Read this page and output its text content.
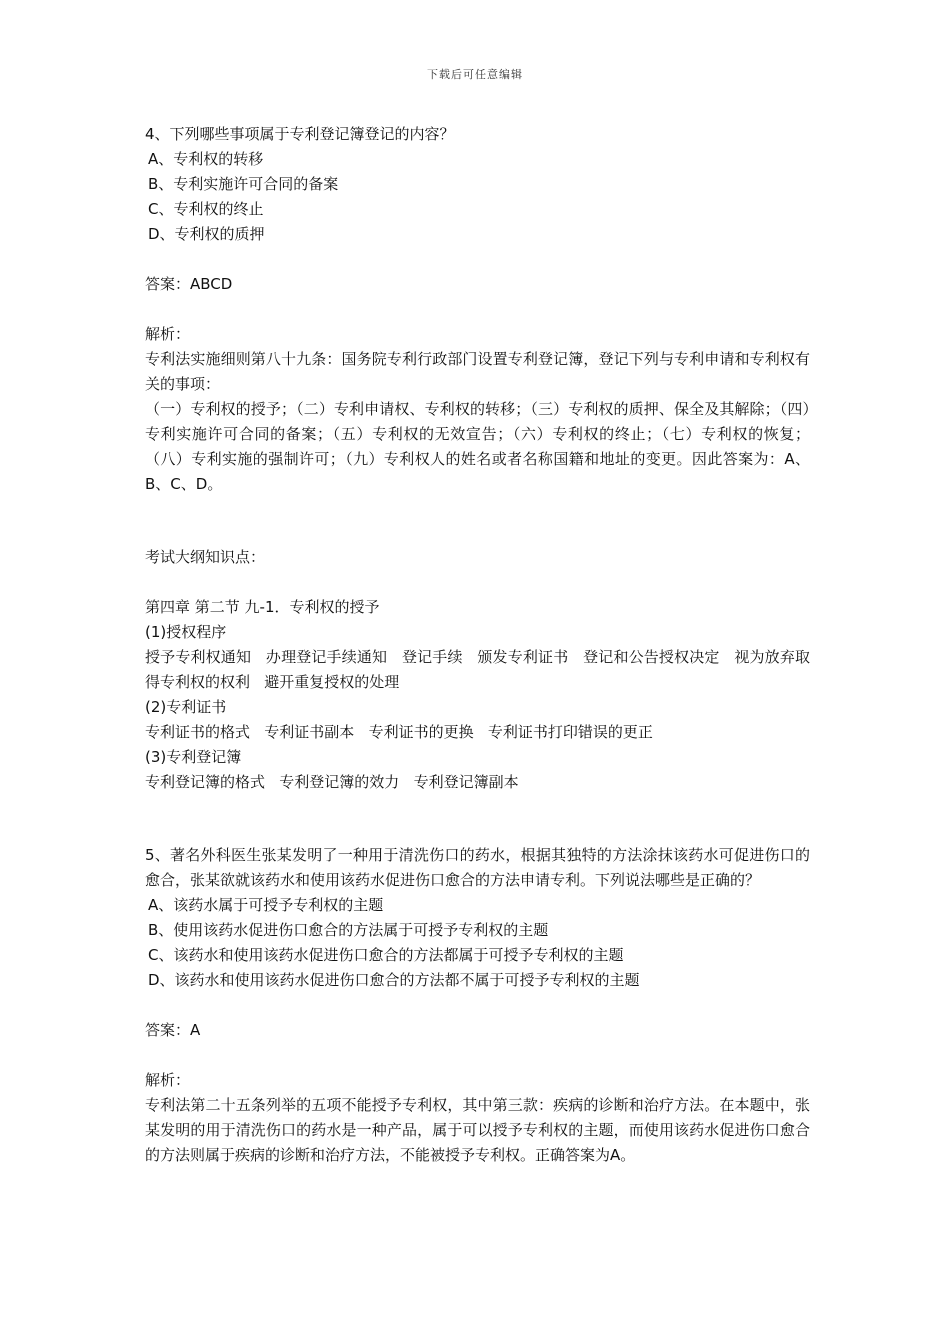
下载后可任意编辑
4、下列哪些事项属于专利登记簿登记的内容？
A、专利权的转移
B、专利实施许可合同的备案
C、专利权的终止
D、专利权的质押
答案：ABCD
解析：
专利法实施细则第八十九条：国务院专利行政部门设置专利登记簿，登记下列与专利申请和专利权有关的事项：
（一）专利权的授予；（二）专利申请权、专利权的转移；（三）专利权的质押、保全及其解除；（四）专利实施许可合同的备案；（五）专利权的无效宣告；（六）专利权的终止；（七）专利权的恢复；（八）专利实施的强制许可；（九）专利权人的姓名或者名称国籍和地址的变更。因此答案为：A、B、C、D。
考试大纲知识点：
第四章 第二节 九-1．专利权的授予
(1)授权程序
授予专利权通知   办理登记手续通知   登记手续   颁发专利证书   登记和公告授权决定   视为放弃取得专利权的权利   避开重复授权的处理
(2)专利证书
专利证书的格式   专利证书副本   专利证书的更换   专利证书打印错误的更正
(3)专利登记簿
专利登记簿的格式   专利登记簿的效力   专利登记簿副本
5、著名外科医生张某发明了一种用于清洗伤口的药水，根据其独特的方法涂抹该药水可促进伤口的愈合，张某欲就该药水和使用该药水促进伤口愈合的方法申请专利。下列说法哪些是正确的？
A、该药水属于可授予专利权的主题
B、使用该药水促进伤口愈合的方法属于可授予专利权的主题
C、该药水和使用该药水促进伤口愈合的方法都属于可授予专利权的主题
D、该药水和使用该药水促进伤口愈合的方法都不属于可授予专利权的主题
答案：A
解析：
专利法第二十五条列举的五项不能授予专利权，其中第三款：疾病的诊断和治疗方法。在本题中，张某发明的用于清洗伤口的药水是一种产品，属于可以授予专利权的主题，而使用该药水促进伤口愈合的方法则属于疾病的诊断和治疗方法，不能被授予专利权。正确答案为A。
